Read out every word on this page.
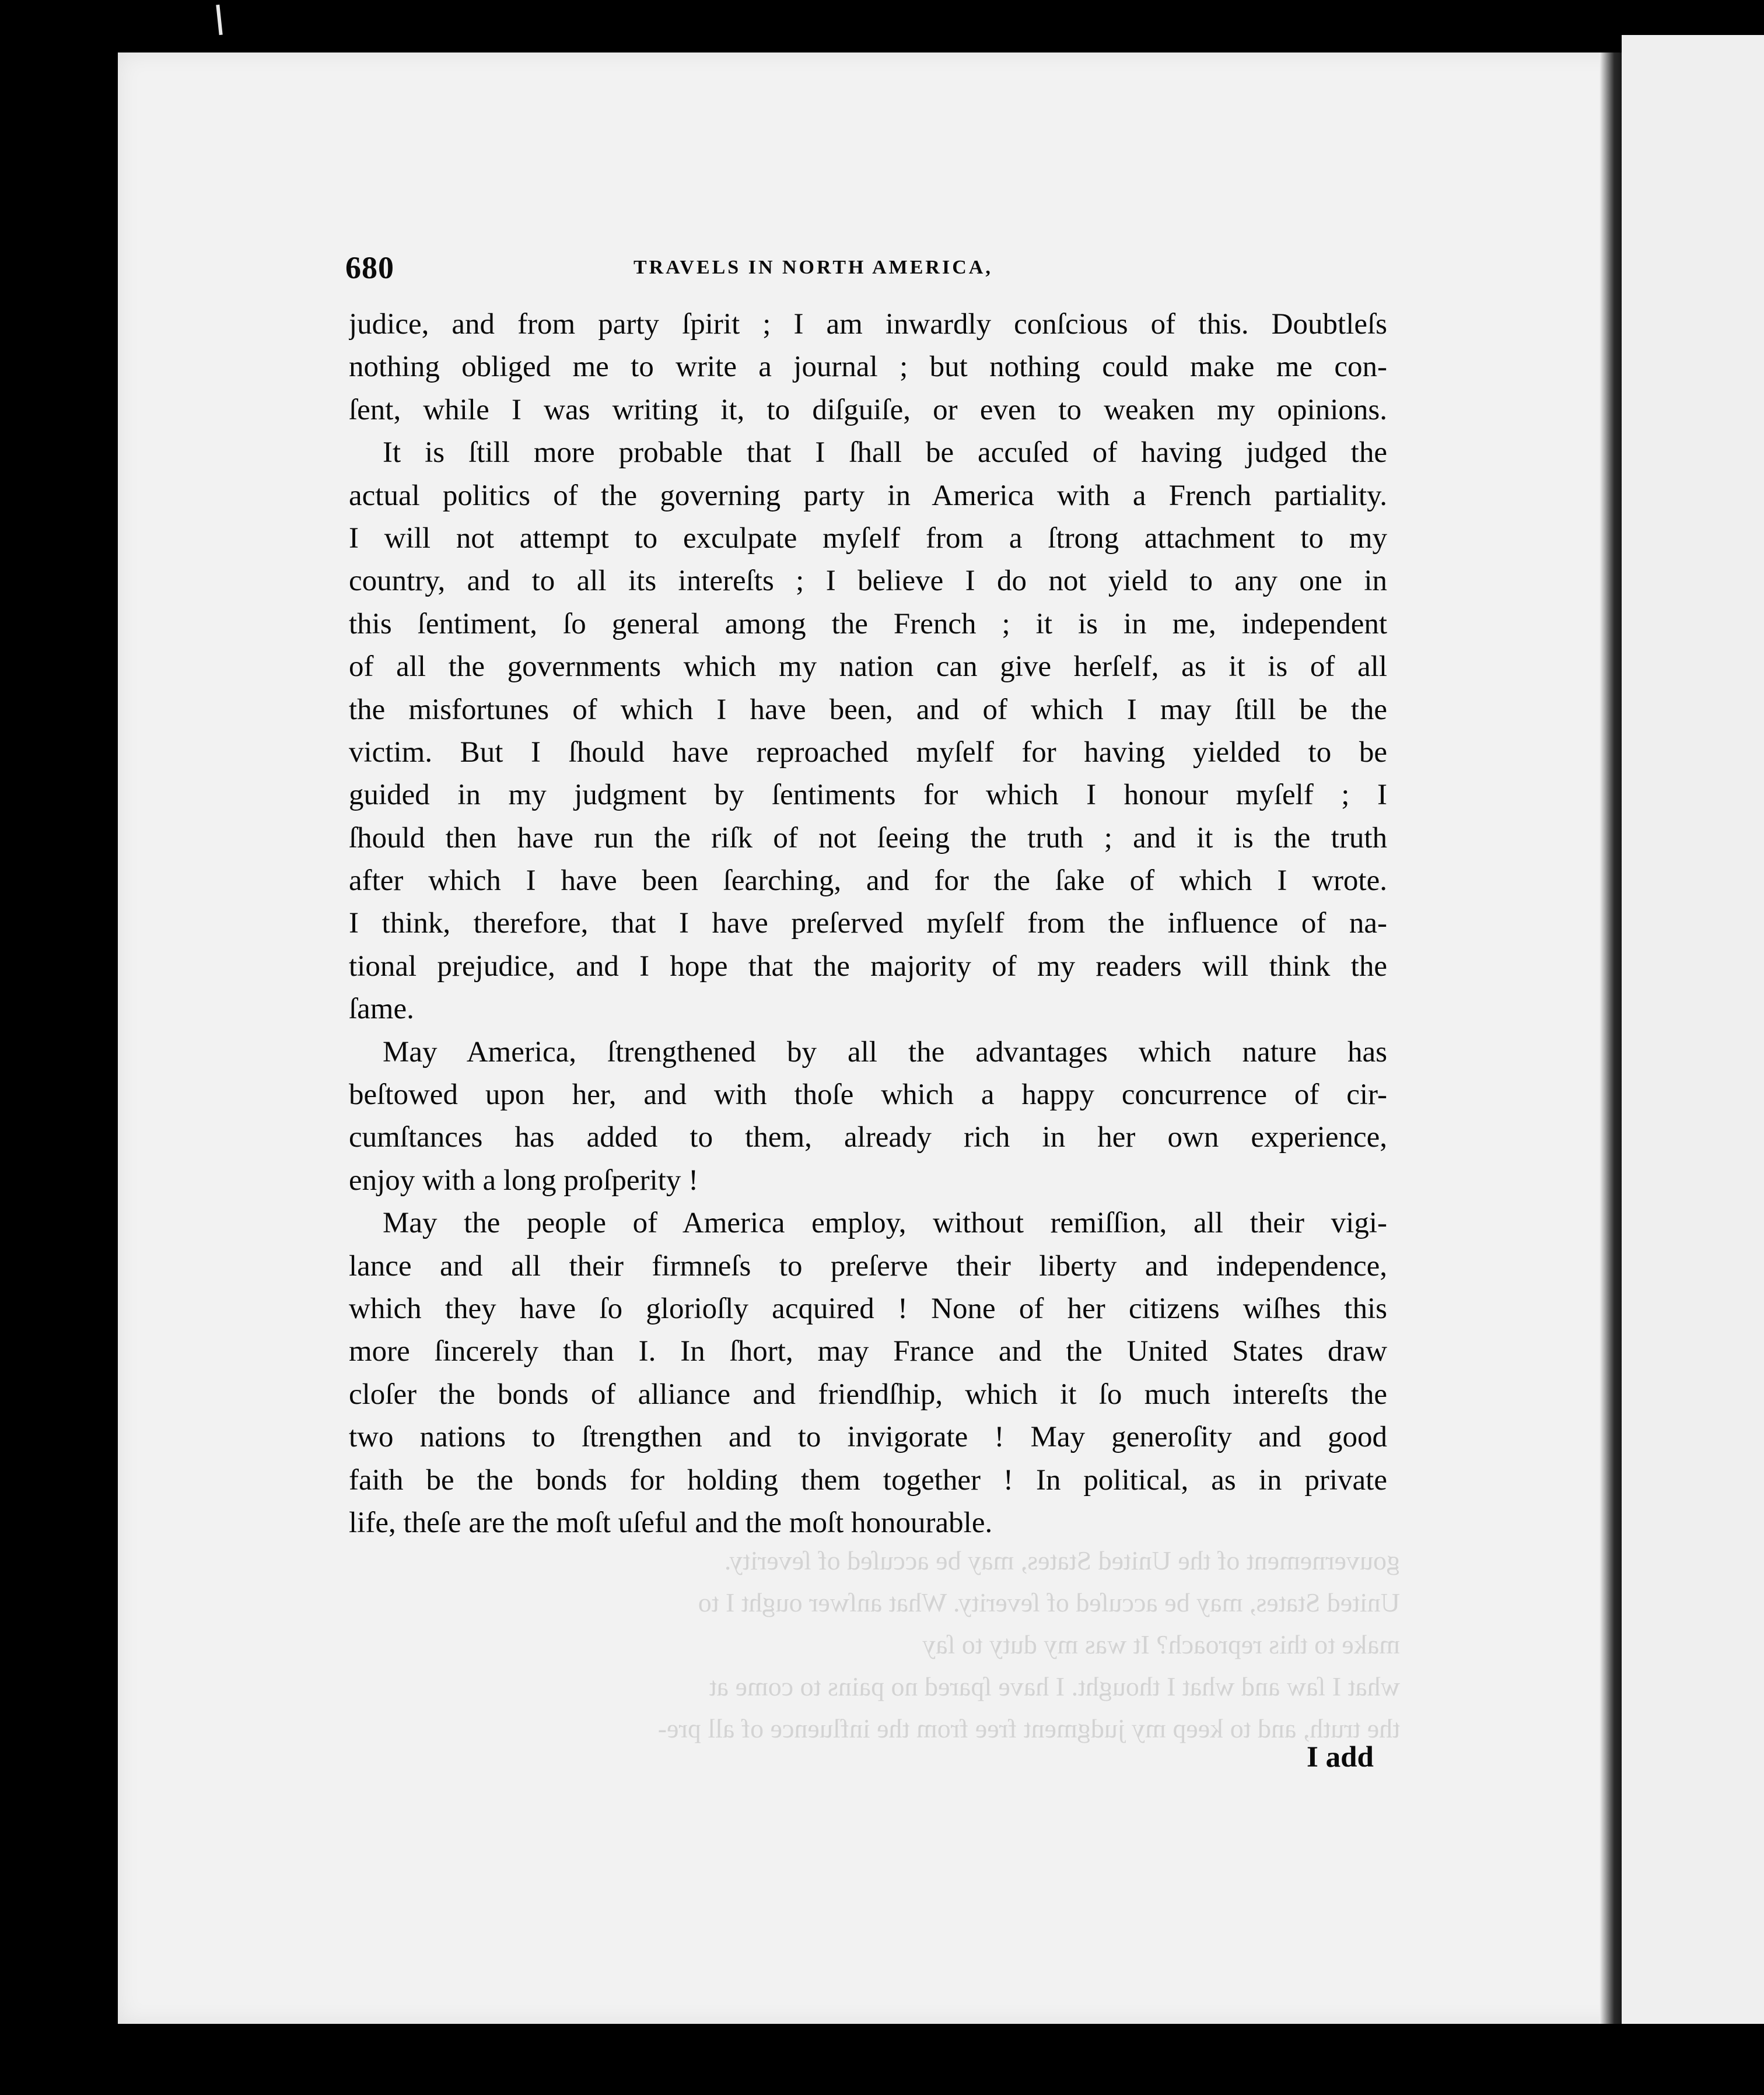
gouvernement of the United States, may be accuſed of ſeverity.
United States, may be accuſed of ſeverity. What anſwer ought I to
make to this reproach? It was my duty to ſay
what I ſaw and what I thought. I have ſpared no pains to come at
the truth, and to keep my judgment free from the influence of all pre-
680	TRAVELS IN NORTH AMERICA,
judice, and from party ſpirit ; I am inwardly conſcious of this. Doubtleſs
nothing obliged me to write a journal ; but nothing could make me con-
ſent, while I was writing it, to diſguiſe, or even to weaken my opinions.
It is ſtill more probable that I ſhall be accuſed of having judged the
actual politics of the governing party in America with a French partiality.
I will not attempt to exculpate myſelf from a ſtrong attachment to my
country, and to all its intereſts ; I believe I do not yield to any one in
this ſentiment, ſo general among the French ; it is in me, independent
of all the governments which my nation can give herſelf, as it is of all
the misfortunes of which I have been, and of which I may ſtill be the
victim. But I ſhould have reproached myſelf for having yielded to be
guided in my judgment by ſentiments for which I honour myſelf ; I
ſhould then have run the riſk of not ſeeing the truth ; and it is the truth
after which I have been ſearching, and for the ſake of which I wrote.
I think, therefore, that I have preſerved myſelf from the influence of na-
tional prejudice, and I hope that the majority of my readers will think the
ſame.
May America, ſtrengthened by all the advantages which nature has
beſtowed upon her, and with thoſe which a happy concurrence of cir-
cumſtances has added to them, already rich in her own experience,
enjoy with a long proſperity !
May the people of America employ, without remiſſion, all their vigi-
lance and all their firmneſs to preſerve their liberty and independence,
which they have ſo glorioſly acquired ! None of her citizens wiſhes this
more ſincerely than I. In ſhort, may France and the United States draw
cloſer the bonds of alliance and friendſhip, which it ſo much intereſts the
two nations to ſtrengthen and to invigorate ! May generoſity and good
faith be the bonds for holding them together ! In political, as in private
life, theſe are the moſt uſeful and the moſt honourable.
I add
